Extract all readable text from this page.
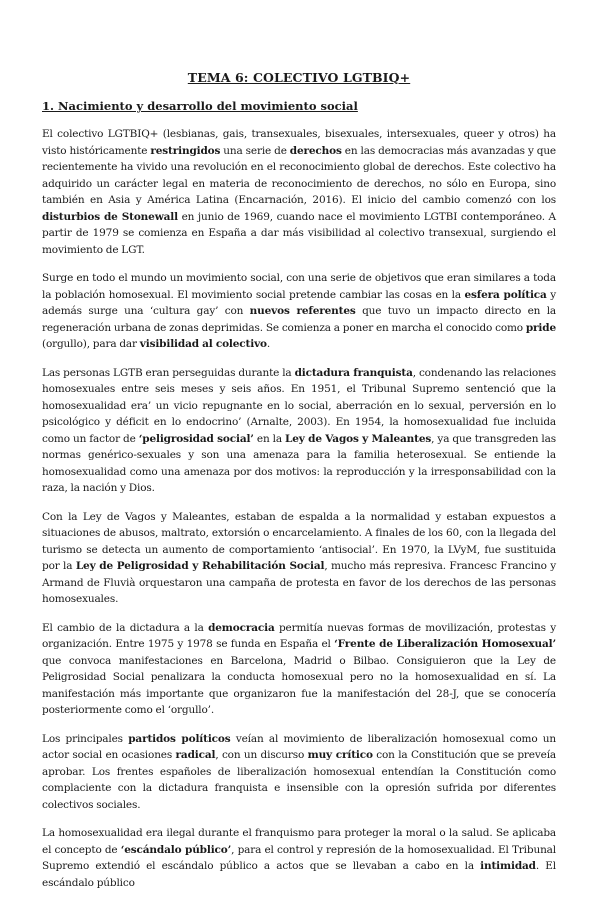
TEMA 6: COLECTIVO LGTBIQ+
1. Nacimiento y desarrollo del movimiento social

El colectivo LGTBIQ+ (lesbianas, gais, transexuales, bisexuales, intersexuales, queer y otros) ha visto históricamente restringidos una serie de derechos en las democracias más avanzadas y que recientemente ha vivido una revolución en el reconocimiento global de derechos. Este colectivo ha adquirido un carácter legal en materia de reconocimiento de derechos, no sólo en Europa, sino también en Asia y América Latina (Encarnación, 2016). El inicio del cambio comenzó con los disturbios de Stonewall en junio de 1969, cuando nace el movimiento LGTBI contemporáneo. A partir de 1979 se comienza en España a dar más visibilidad al colectivo transexual, surgiendo el movimiento de LGT.

Surge en todo el mundo un movimiento social, con una serie de objetivos que eran similares a toda la población homosexual. El movimiento social pretende cambiar las cosas en la esfera política y además surge una ‘cultura gay’ con nuevos referentes que tuvo un impacto directo en la regeneración urbana de zonas deprimidas. Se comienza a poner en marcha el conocido como pride (orgullo), para dar visibilidad al colectivo.

Las personas LGTB eran perseguidas durante la dictadura franquista, condenando las relaciones homosexuales entre seis meses y seis años. En 1951, el Tribunal Supremo sentenció que la homosexualidad era’ un vicio repugnante en lo social, aberración en lo sexual, perversión en lo psicológico y déficit en lo endocrino’ (Arnalte, 2003). En 1954, la homosexualidad fue incluida como un factor de ‘peligrosidad social’ en la Ley de Vagos y Maleantes, ya que transgreden las normas genérico-sexuales y son una amenaza para la familia heterosexual. Se entiende la homosexualidad como una amenaza por dos motivos: la reproducción y la irresponsabilidad con la raza, la nación y Dios.

Con la Ley de Vagos y Maleantes, estaban de espalda a la normalidad y estaban expuestos a situaciones de abusos, maltrato, extorsión o encarcelamiento. A finales de los 60, con la llegada del turismo se detecta un aumento de comportamiento ‘antisocial’. En 1970, la LVyM, fue sustituida por la Ley de Peligrosidad y Rehabilitación Social, mucho más represiva. Francesc Francino y Armand de Fluvià orquestaron una campaña de protesta en favor de los derechos de las personas homosexuales.

El cambio de la dictadura a la democracia permitía nuevas formas de movilización, protestas y organización. Entre 1975 y 1978 se funda en España el ‘Frente de Liberalización Homosexual’ que convoca manifestaciones en Barcelona, Madrid o Bilbao. Consiguieron que la Ley de Peligrosidad Social penalizara la conducta homosexual pero no la homosexualidad en sí. La manifestación más importante que organizaron fue la manifestación del 28-J, que se conocería posteriormente como el ‘orgullo’.

Los principales partidos políticos veían al movimiento de liberalización homosexual como un actor social en ocasiones radical, con un discurso muy crítico con la Constitución que se preveía aprobar. Los frentes españoles de liberalización homosexual entendían la Constitución como complaciente con la dictadura franquista e insensible con la opresión sufrida por diferentes colectivos sociales.

La homosexualidad era ilegal durante el franquismo para proteger la moral o la salud. Se aplicaba el concepto de ‘escándalo público’, para el control y represión de la homosexualidad. El Tribunal Supremo extendió el escándalo público a actos que se llevaban a cabo en la intimidad. El escándalo público
